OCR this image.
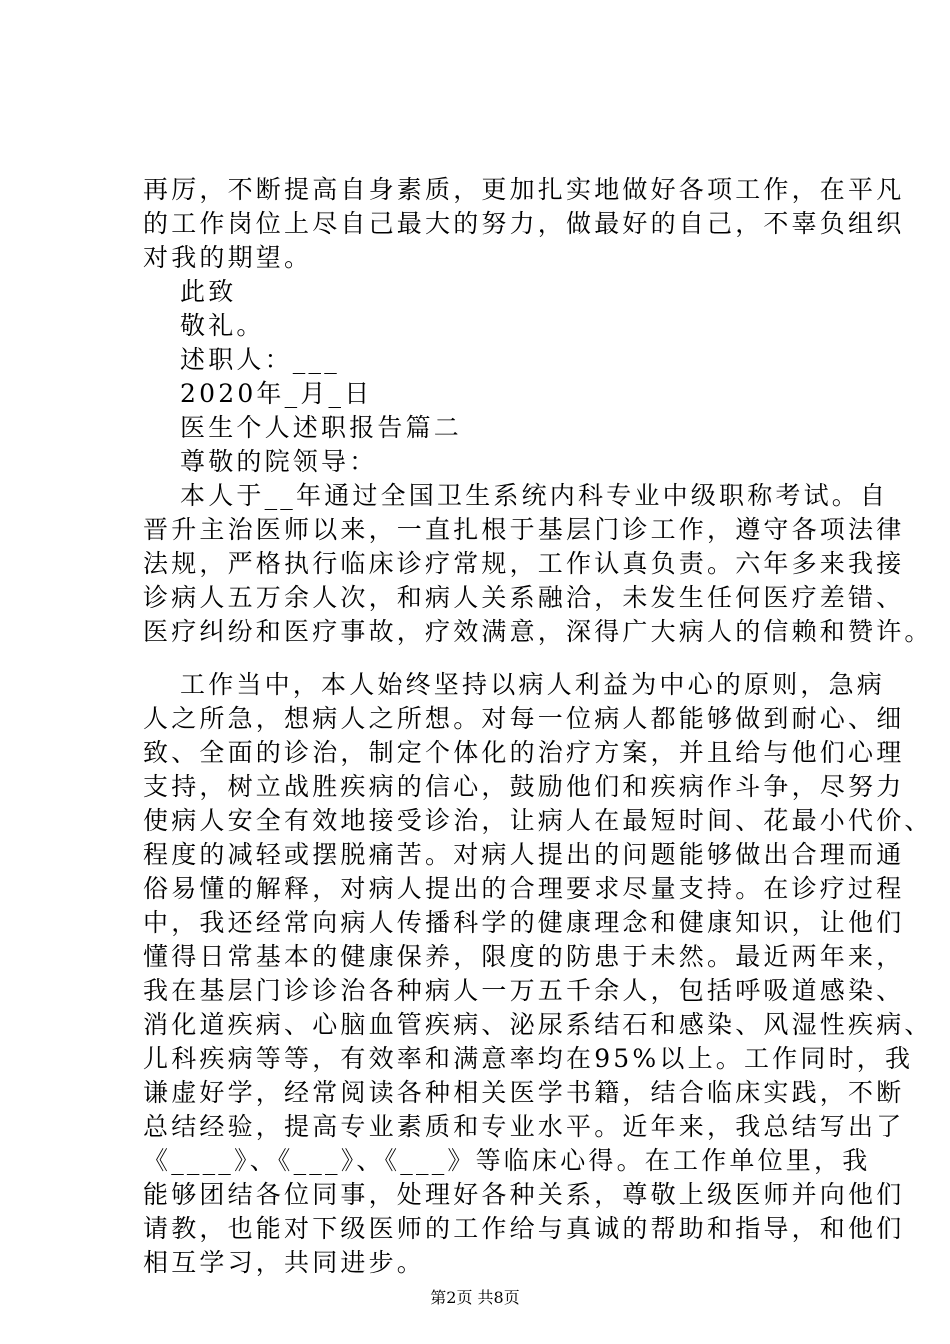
再厉，不断提高自身素质，更加扎实地做好各项工作，在平凡
的工作岗位上尽自己最大的努力，做最好的自己，不辜负组织
对我的期望。
此致
敬礼。
述职人：___
2020年_月_日
医生个人述职报告篇二
尊敬的院领导：
本人于__年通过全国卫生系统内科专业中级职称考试。自
晋升主治医师以来，一直扎根于基层门诊工作，遵守各项法律
法规，严格执行临床诊疗常规，工作认真负责。六年多来我接
诊病人五万余人次，和病人关系融洽，未发生任何医疗差错、
医疗纠纷和医疗事故，疗效满意，深得广大病人的信赖和赞许。
工作当中，本人始终坚持以病人利益为中心的原则，急病
人之所急，想病人之所想。对每一位病人都能够做到耐心、细
致、全面的诊治，制定个体化的治疗方案，并且给与他们心理
支持，树立战胜疾病的信心，鼓励他们和疾病作斗争，尽努力
使病人安全有效地接受诊治，让病人在最短时间、花最小代价、
程度的减轻或摆脱痛苦。对病人提出的问题能够做出合理而通
俗易懂的解释，对病人提出的合理要求尽量支持。在诊疗过程
中，我还经常向病人传播科学的健康理念和健康知识，让他们
懂得日常基本的健康保养，限度的防患于未然。最近两年来，
我在基层门诊诊治各种病人一万五千余人，包括呼吸道感染、
消化道疾病、心脑血管疾病、泌尿系结石和感染、风湿性疾病、
儿科疾病等等，有效率和满意率均在95%以上。工作同时，我
谦虚好学，经常阅读各种相关医学书籍，结合临床实践，不断
总结经验，提高专业素质和专业水平。近年来，我总结写出了
《____》、《___》、《___》等临床心得。在工作单位里，我
能够团结各位同事，处理好各种关系，尊敬上级医师并向他们
请教，也能对下级医师的工作给与真诚的帮助和指导，和他们
相互学习，共同进步。
第2页 共8页
